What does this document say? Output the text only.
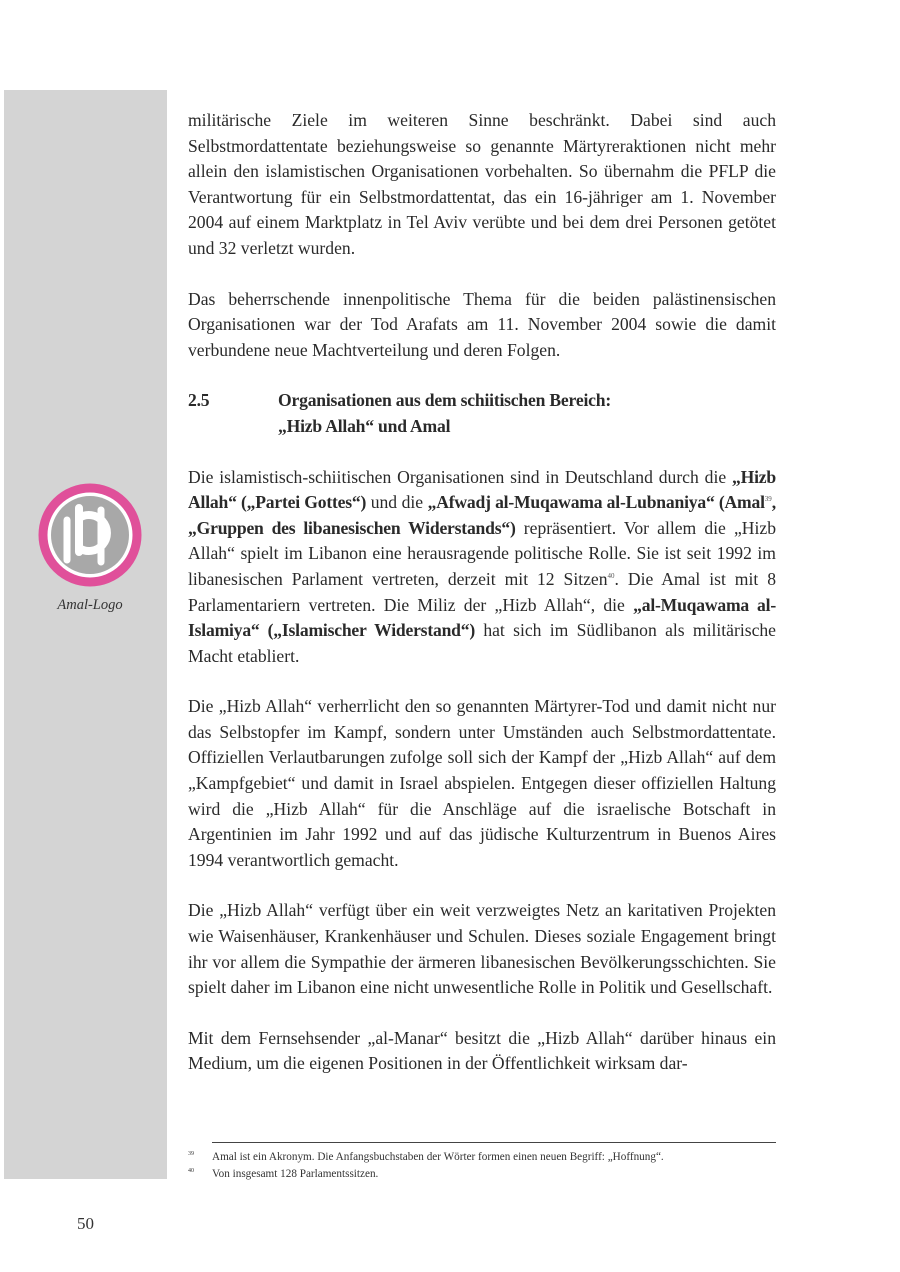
Amal-Logo

militärische Ziele im weiteren Sinne beschränkt. Dabei sind auch Selbstmordattentate beziehungsweise so genannte Märtyreraktionen nicht mehr allein den islamistischen Organisationen vorbehalten. So übernahm die PFLP die Verantwortung für ein Selbstmordattentat, das ein 16-jähriger am 1. November 2004 auf einem Marktplatz in Tel Aviv verübte und bei dem drei Personen getötet und 32 verletzt wurden.

Das beherrschende innenpolitische Thema für die beiden palästinensischen Organisationen war der Tod Arafats am 11. November 2004 sowie die damit verbundene neue Machtverteilung und deren Folgen.

2.5	Organisationen aus dem schiitischen Bereich:
„Hizb Allah“ und Amal

Die islamistisch-schiitischen Organisationen sind in Deutschland durch die „Hizb Allah“ („Partei Gottes“) und die „Afwadj al-Muqawama al-Lubnaniya“ (Amal$^{39}$, „Gruppen des libanesischen Widerstands“) repräsentiert. Vor allem die „Hizb Allah“ spielt im Libanon eine herausragende politische Rolle. Sie ist seit 1992 im libanesischen Parlament vertreten, derzeit mit 12 Sitzen$^{40}$. Die Amal ist mit 8 Parlamentariern vertreten. Die Miliz der „Hizb Allah“, die „al-Muqawama al-Islamiya“ („Islamischer Widerstand“) hat sich im Südlibanon als militärische Macht etabliert.

Die „Hizb Allah“ verherrlicht den so genannten Märtyrer-Tod und damit nicht nur das Selbstopfer im Kampf, sondern unter Umständen auch Selbstmordattentate. Offiziellen Verlautbarungen zufolge soll sich der Kampf der „Hizb Allah“ auf dem „Kampfgebiet“ und damit in Israel abspielen. Entgegen dieser offiziellen Haltung wird die „Hizb Allah“ für die Anschläge auf die israelische Botschaft in Argentinien im Jahr 1992 und auf das jüdische Kulturzentrum in Buenos Aires 1994 verantwortlich gemacht.

Die „Hizb Allah“ verfügt über ein weit verzweigtes Netz an karitativen Projekten wie Waisenhäuser, Krankenhäuser und Schulen. Dieses soziale Engagement bringt ihr vor allem die Sympathie der ärmeren libanesischen Bevölkerungsschichten. Sie spielt daher im Libanon eine nicht unwesentliche Rolle in Politik und Gesellschaft.

Mit dem Fernsehsender „al-Manar“ besitzt die „Hizb Allah“ darüber hinaus ein Medium, um die eigenen Positionen in der Öffentlichkeit wirksam dar-

39 Amal ist ein Akronym. Die Anfangsbuchstaben der Wörter formen einen neuen Begriff: „Hoffnung“.
40 Von insgesamt 128 Parlamentssitzen.
50
